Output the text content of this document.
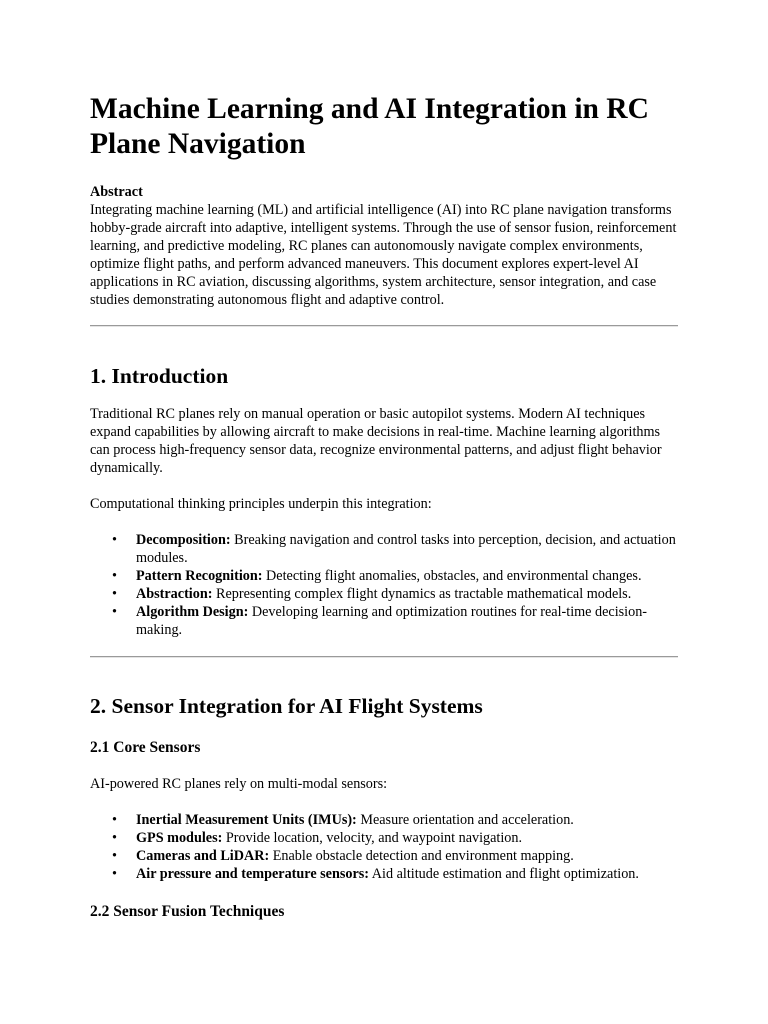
Machine Learning and AI Integration in RC Plane Navigation
Abstract

Integrating machine learning (ML) and artificial intelligence (AI) into RC plane navigation transforms hobby-grade aircraft into adaptive, intelligent systems. Through the use of sensor fusion, reinforcement learning, and predictive modeling, RC planes can autonomously navigate complex environments, optimize flight paths, and perform advanced maneuvers. This document explores expert-level AI applications in RC aviation, discussing algorithms, system architecture, sensor integration, and case studies demonstrating autonomous flight and adaptive control.

1. Introduction

Traditional RC planes rely on manual operation or basic autopilot systems. Modern AI techniques expand capabilities by allowing aircraft to make decisions in real-time. Machine learning algorithms can process high-frequency sensor data, recognize environmental patterns, and adjust flight behavior dynamically.

Computational thinking principles underpin this integration:

• Decomposition: Breaking navigation and control tasks into perception, decision, and actuation modules.
• Pattern Recognition: Detecting flight anomalies, obstacles, and environmental changes.
• Abstraction: Representing complex flight dynamics as tractable mathematical models.
• Algorithm Design: Developing learning and optimization routines for real-time decision-making.
2. Sensor Integration for AI Flight Systems
2.1 Core Sensors

AI-powered RC planes rely on multi-modal sensors:

• Inertial Measurement Units (IMUs): Measure orientation and acceleration.
• GPS modules: Provide location, velocity, and waypoint navigation.
• Cameras and LiDAR: Enable obstacle detection and environment mapping.
• Air pressure and temperature sensors: Aid altitude estimation and flight optimization.
2.2 Sensor Fusion Techniques
